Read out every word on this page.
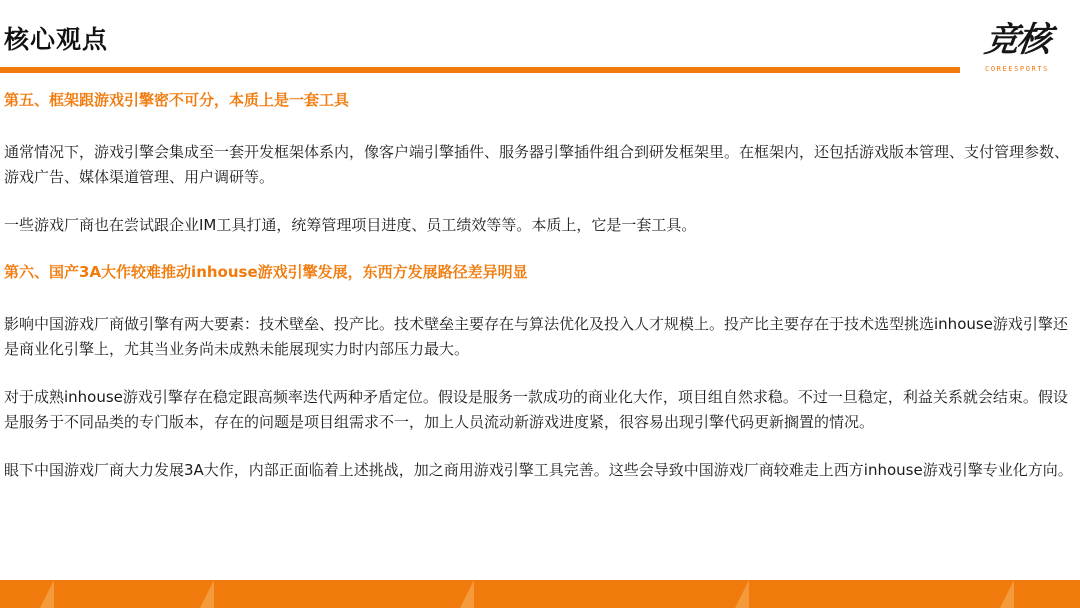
核心观点	竞核
COREESPORTS

第五、框架跟游戏引擎密不可分，本质上是一套工具

通常情况下，游戏引擎会集成至一套开发框架体系内，像客户端引擎插件、服务器引擎插件组合到研发框架里。在框架内，还包括游戏版本管理、支付管理参数、游戏广告、媒体渠道管理、用户调研等。

一些游戏厂商也在尝试跟企业IM工具打通，统筹管理项目进度、员工绩效等等。本质上，它是一套工具。

第六、国产3A大作较难推动inhouse游戏引擎发展，东西方发展路径差异明显

影响中国游戏厂商做引擎有两大要素：技术壁垒、投产比。技术壁垒主要存在与算法优化及投入人才规模上。投产比主要存在于技术选型挑选inhouse游戏引擎还是商业化引擎上，尤其当业务尚未成熟未能展现实力时内部压力最大。

对于成熟inhouse游戏引擎存在稳定跟高频率迭代两种矛盾定位。假设是服务一款成功的商业化大作，项目组自然求稳。不过一旦稳定，利益关系就会结束。假设是服务于不同品类的专门版本，存在的问题是项目组需求不一，加上人员流动新游戏进度紧，很容易出现引擎代码更新搁置的情况。

眼下中国游戏厂商大力发展3A大作，内部正面临着上述挑战，加之商用游戏引擎工具完善。这些会导致中国游戏厂商较难走上西方inhouse游戏引擎专业化方向。
